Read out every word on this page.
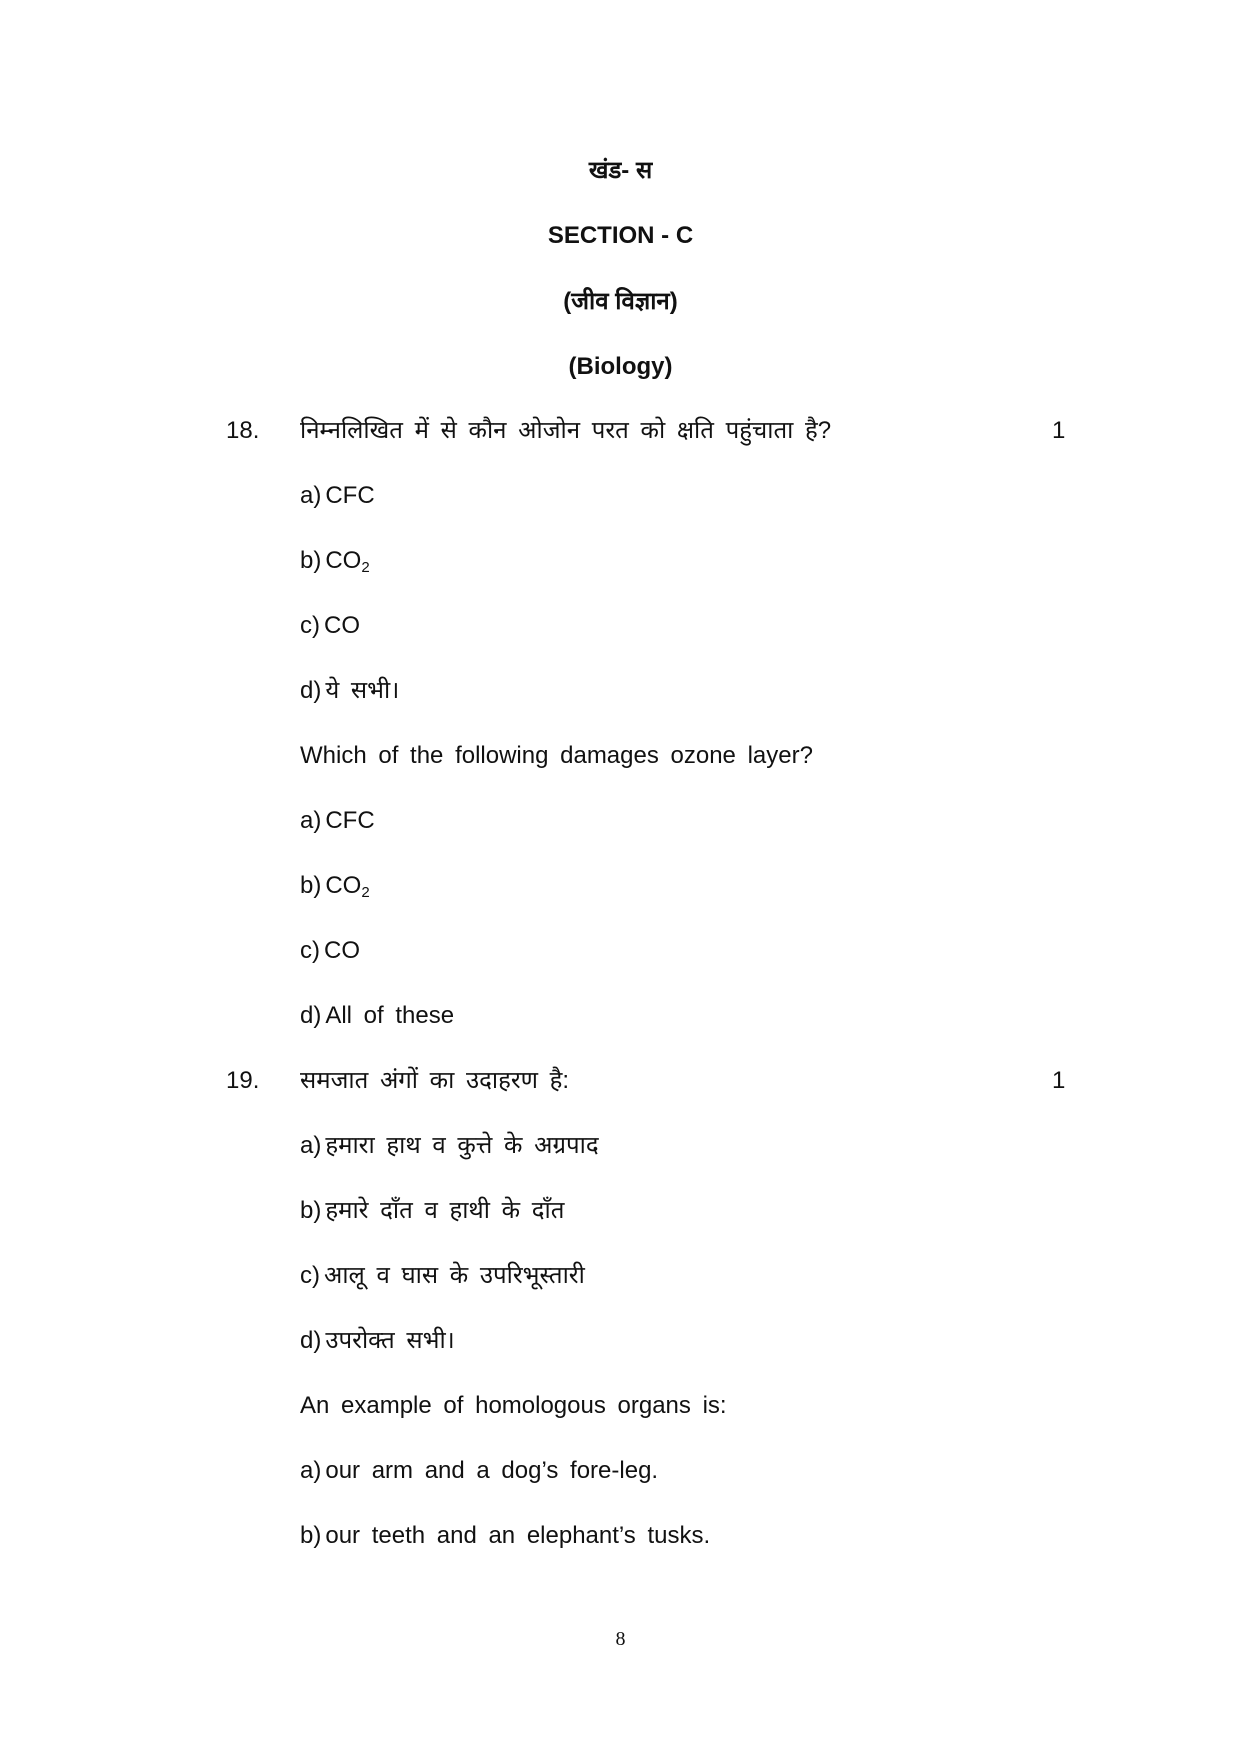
खंड- स
SECTION - C
(जीव विज्ञान)
(Biology)
18. निम्नलिखित में से कौन ओजोन परत को क्षति पहुंचाता है?	1
a) CFC
b) $CO_2$
c) CO
d) ये सभी।
Which of the following damages ozone layer?
a) CFC
b) $CO_2$
c) CO
d) All of these
19. समजात अंगों का उदाहरण है:	1
a) हमारा हाथ व कुत्ते के अग्रपाद
b) हमारे दाँत व हाथी के दाँत
c) आलू व घास के उपरिभूस्तारी
d) उपरोक्त सभी।
An example of homologous organs is:
a) our arm and a dog’s fore-leg.
b) our teeth and an elephant’s tusks.
8
